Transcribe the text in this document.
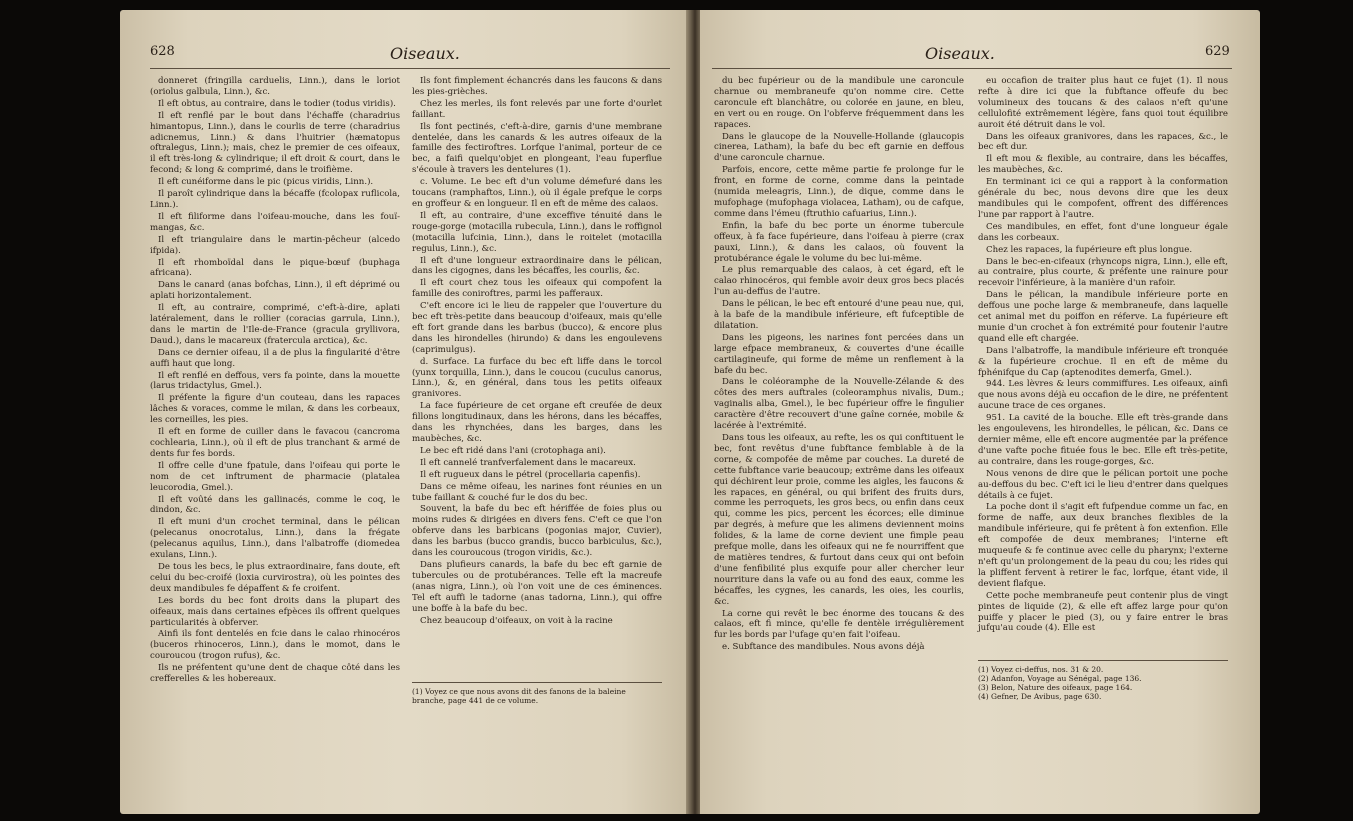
628	Oiseaux.

donneret (fringilla carduelis, Linn.), dans le loriot (oriolus galbula, Linn.), &c.

Il eft obtus, au contraire, dans le todier (todus viridis).

Il eft renflé par le bout dans l'échaffe (charadrius himantopus, Linn.), dans le courlis de terre (charadrius adicnemus, Linn.) & dans l'huitrier (hæmatopus oftralegus, Linn.); mais, chez le premier de ces oifeaux, il eft très-long & cylindrique; il eft droit & court, dans le fecond; & long & comprimé, dans le troifième.

Il eft cunéiforme dans le pic (picus viridis, Linn.).

Il paroît cylindrique dans la bécaffe (fcolopax ruflicola, Linn.).

Il eft filiforme dans l'oifeau-mouche, dans les fouï-mangas, &c.

Il eft triangulaire dans le martin-pêcheur (alcedo ifpida).

Il eft rhomboïdal dans le pique-bœuf (buphaga africana).

Dans le canard (anas bofchas, Linn.), il eft déprimé ou aplati horizontalement.

Il eft, au contraire, comprimé, c'eft-à-dire, aplati latéralement, dans le rollier (coracias garrula, Linn.), dans le martin de l'Ile-de-France (gracula gryllivora, Daud.), dans le macareux (fratercula arctica), &c.

Dans ce dernier oifeau, il a de plus la fingularité d'être auffi haut que long.

Il eft renflé en deffous, vers fa pointe, dans la mouette (larus tridactylus, Gmel.).

Il préfente la figure d'un couteau, dans les rapaces lâches & voraces, comme le milan, & dans les corbeaux, les corneilles, les pies.

Il eft en forme de cuiller dans le favacou (cancroma cochlearia, Linn.), où il eft de plus tranchant & armé de dents fur fes bords.

Il offre celle d'une fpatule, dans l'oifeau qui porte le nom de cet inftrument de pharmacie (platalea leucorodia, Gmel.).

Il eft voûté dans les gallinacés, comme le coq, le dindon, &c.

Il eft muni d'un crochet terminal, dans le pélican (pelecanus onocrotalus, Linn.), dans la frégate (pelecanus aquilus, Linn.), dans l'albatroffe (diomedea exulans, Linn.).

De tous les becs, le plus extraordinaire, fans doute, eft celui du bec-croifé (loxia curvirostra), où les pointes des deux mandibules fe dépaffent & fe croifent.

Les bords du bec font droits dans la plupart des oifeaux, mais dans certaines efpèces ils offrent quelques particularités à obferver.

Ainfi ils font dentelés en fcie dans le calao rhinocéros (buceros rhinoceros, Linn.), dans le momot, dans le couroucou (trogon rufus), &c.

Ils ne préfentent qu'une dent de chaque côté dans les crefferelles & les hobereaux.

Ils font fimplement échancrés dans les faucons & dans les pies-grièches.

Chez les merles, ils font relevés par une forte d'ourlet faillant.

Ils font pectinés, c'eft-à-dire, garnis d'une membrane dentelée, dans les canards & les autres oifeaux de la famille des fectiroftres. Lorfque l'animal, porteur de ce bec, a faifi quelqu'objet en plongeant, l'eau fuperflue s'écoule à travers les dentelures (1).

c. Volume. Le bec eft d'un volume démefuré dans les toucans (ramphaftos, Linn.), où il égale prefque le corps en groffeur & en longueur. Il en eft de même des calaos.

Il eft, au contraire, d'une exceffive ténuité dans le rouge-gorge (motacilla rubecula, Linn.), dans le roffignol (motacilla lufcinia, Linn.), dans le roitelet (motacilla regulus, Linn.), &c.

Il eft d'une longueur extraordinaire dans le pélican, dans les cigognes, dans les bécaffes, les courlis, &c.

Il eft court chez tous les oifeaux qui compofent la famille des coniroftres, parmi les pafferaux.

C'eft encore ici le lieu de rappeler que l'ouverture du bec eft très-petite dans beaucoup d'oifeaux, mais qu'elle eft fort grande dans les barbus (bucco), & encore plus dans les hirondelles (hirundo) & dans les engoulevens (caprimulgus).

d. Surface. La furface du bec eft liffe dans le torcol (yunx torquilla, Linn.), dans le coucou (cuculus canorus, Linn.), &, en général, dans tous les petits oifeaux granivores.

La face fupérieure de cet organe eft creufée de deux fillons longitudinaux, dans les hérons, dans les bécaffes, dans les rhynchées, dans les barges, dans les maubèches, &c.

Le bec eft ridé dans l'ani (crotophaga ani).

Il eft cannelé tranfverfalement dans le macareux.

Il eft rugueux dans le pétrel (procellaria capenfis).

Dans ce même oifeau, les narines font réunies en un tube faillant & couché fur le dos du bec.

Souvent, la bafe du bec eft hériffée de foies plus ou moins rudes & dirigées en divers fens. C'eft ce que l'on obferve dans les barbicans (pogonias major, Cuvier), dans les barbus (bucco grandis, bucco barbiculus, &c.), dans les couroucous (trogon viridis, &c.).

Dans plufieurs canards, la bafe du bec eft garnie de tubercules ou de protubérances. Telle eft la macreufe (anas nigra, Linn.), où l'on voit une de ces éminences. Tel eft auffi le tadorne (anas tadorna, Linn.), qui offre une boffe à la bafe du bec.

Chez beaucoup d'oifeaux, on voit à la racine

(1) Voyez ce que nous avons dit des fanons de la baleine
branche, page 441 de ce volume.
Oiseaux.	629

du bec fupérieur ou de la mandibule une caroncule charnue ou membraneufe qu'on nomme cire. Cette caroncule eft blanchâtre, ou colorée en jaune, en bleu, en vert ou en rouge. On l'obferve fréquemment dans les rapaces.

Dans le glaucope de la Nouvelle-Hollande (glaucopis cinerea, Latham), la bafe du bec eft garnie en deffous d'une caroncule charnue.

Parfois, encore, cette même partie fe prolonge fur le front, en forme de corne, comme dans la peintade (numida meleagris, Linn.), de dique, comme dans le mufophage (mufophaga violacea, Latham), ou de cafque, comme dans l'émeu (ftruthio cafuarius, Linn.).

Enfin, la bafe du bec porte un énorme tubercule offeux, à fa face fupérieure, dans l'oifeau à pierre (crax pauxi, Linn.), & dans les calaos, où fouvent la protubérance égale le volume du bec lui-même.

Le plus remarquable des calaos, à cet égard, eft le calao rhinocéros, qui femble avoir deux gros becs placés l'un au-deffus de l'autre.

Dans le pélican, le bec eft entouré d'une peau nue, qui, à la bafe de la mandibule inférieure, eft fufceptible de dilatation.

Dans les pigeons, les narines font percées dans un large efpace membraneux, & couvertes d'une écaille cartilagineufe, qui forme de même un renflement à la bafe du bec.

Dans le coléoramphe de la Nouvelle-Zélande & des côtes des mers auftrales (coleoramphus nivalis, Dum.; vaginalis alba, Gmel.), le bec fupérieur offre le fingulier caractère d'être recouvert d'une gaîne cornée, mobile & lacérée à l'extrémité.

Dans tous les oifeaux, au refte, les os qui conftituent le bec, font revêtus d'une fubftance femblable à de la corne, & compofée de même par couches. La dureté de cette fubftance varie beaucoup; extrême dans les oifeaux qui déchirent leur proie, comme les aigles, les faucons & les rapaces, en général, ou qui brifent des fruits durs, comme les perroquets, les gros becs, ou enfin dans ceux qui, comme les pics, percent les écorces; elle diminue par degrés, à mefure que les alimens deviennent moins folides, & la lame de corne devient une fimple peau prefque molle, dans les oifeaux qui ne fe nourriffent que de matières tendres, & furtout dans ceux qui ont befoin d'une fenfibilité plus exquife pour aller chercher leur nourriture dans la vafe ou au fond des eaux, comme les bécaffes, les cygnes, les canards, les oies, les courlis, &c.

La corne qui revêt le bec énorme des toucans & des calaos, eft fi mince, qu'elle fe dentèle irrégulièrement fur les bords par l'ufage qu'en fait l'oifeau.

e. Subftance des mandibules. Nous avons déjà

eu occafion de traiter plus haut ce fujet (1). Il nous refte à dire ici que la fubftance offeufe du bec volumineux des toucans & des calaos n'eft qu'une cellulofité extrêmement légère, fans quoi tout équilibre auroit été détruit dans le vol.

Dans les oifeaux granivores, dans les rapaces, &c., le bec eft dur.

Il eft mou & flexible, au contraire, dans les bécaffes, les maubèches, &c.

En terminant ici ce qui a rapport à la conformation générale du bec, nous devons dire que les deux mandibules qui le compofent, offrent des différences l'une par rapport à l'autre.

Ces mandibules, en effet, font d'une longueur égale dans les corbeaux.

Chez les rapaces, la fupérieure eft plus longue.

Dans le bec-en-cifeaux (rhyncops nigra, Linn.), elle eft, au contraire, plus courte, & préfente une rainure pour recevoir l'inférieure, à la manière d'un rafoir.

Dans le pélican, la mandibule inférieure porte en deffous une poche large & membraneufe, dans laquelle cet animal met du poiffon en réferve. La fupérieure eft munie d'un crochet à fon extrémité pour foutenir l'autre quand elle eft chargée.

Dans l'albatroffe, la mandibule inférieure eft tronquée & la fupérieure crochue. Il en eft de même du fphénifque du Cap (aptenodites demerfa, Gmel.).

944. Les lèvres & leurs commiffures. Les oifeaux, ainfi que nous avons déjà eu occafion de le dire, ne préfentent aucune trace de ces organes.

951. La cavité de la bouche. Elle eft très-grande dans les engoulevens, les hirondelles, le pélican, &c. Dans ce dernier même, elle eft encore augmentée par la préfence d'une vafte poche fituée fous le bec. Elle eft très-petite, au contraire, dans les rouge-gorges, &c.

Nous venons de dire que le pélican portoit une poche au-deffous du bec. C'eft ici le lieu d'entrer dans quelques détails à ce fujet.

La poche dont il s'agit eft fufpendue comme un fac, en forme de naffe, aux deux branches flexibles de la mandibule inférieure, qui fe prêtent à fon extenfion. Elle eft compofée de deux membranes; l'interne eft muqueufe & fe continue avec celle du pharynx; l'externe n'eft qu'un prolongement de la peau du cou; les rides qui la pliffent fervent à retirer le fac, lorfque, étant vide, il devient flafque.

Cette poche membraneufe peut contenir plus de vingt pintes de liquide (2), & elle eft affez large pour qu'on puiffe y placer le pied (3), ou y faire entrer le bras jufqu'au coude (4). Elle est

(1) Voyez ci-deffus, nos. 31 & 20.
(2) Adanfon, Voyage au Sénégal, page 136.
(3) Belon, Nature des oifeaux, page 164.
(4) Gefner, De Avibus, page 630.
